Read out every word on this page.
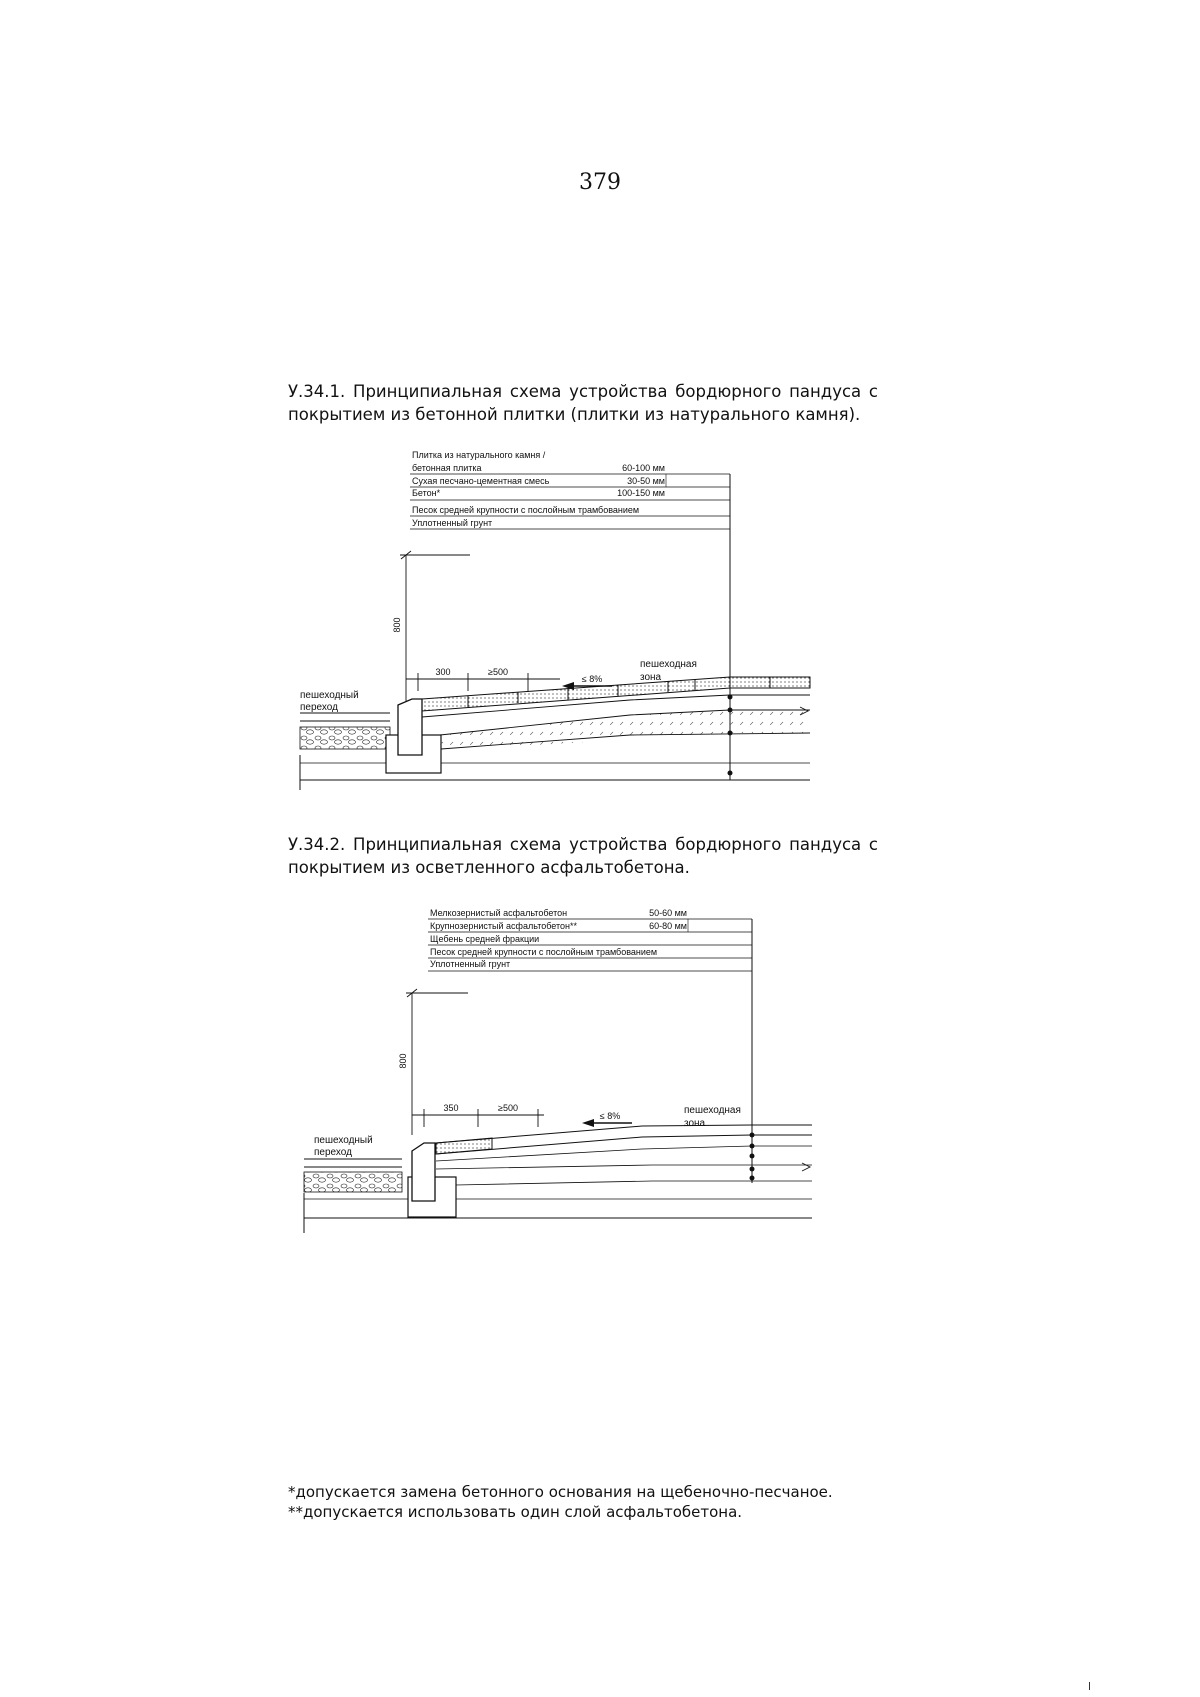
379
У.34.1. Принципиальная схема устройства бордюрного пандуса с покрытием из бетонной плитки (плитки из натурального камня).
Плитка из натурального камня /
бетонная плитка	60-100 мм
Сухая песчано-цементная смесь	30-50 мм
Бетон*	100-150 мм
Песок средней крупности с послойным трамбованием
Уплотненный грунт
800
300	≥500
≤ 8%
пешеходная
зона
пешеходный
переход
У.34.2. Принципиальная схема устройства бордюрного пандуса с покрытием из осветленного асфальтобетона.
Мелкозернистый асфальтобетон	50-60 мм
Крупнозернистый асфальтобетон**	60-80 мм
Щебень средней фракции
Песок средней крупности с послойным трамбованием
Уплотненный грунт
800
350	≥500
≤ 8%	пешеходная
зона
пешеходный
переход
*допускается замена бетонного основания на щебеночно-песчаное.
**допускается использовать один слой асфальтобетона.
